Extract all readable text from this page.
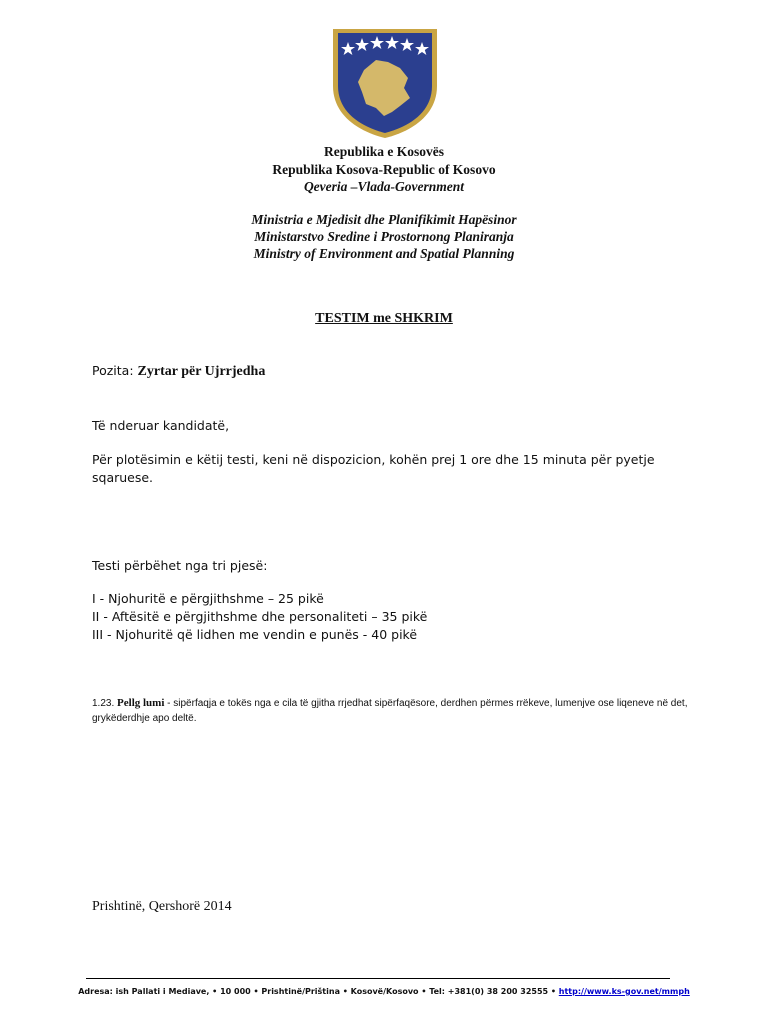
Republika e Kosovës
Republika Kosova-Republic of Kosovo
Qeveria –Vlada-Government
Ministria e Mjedisit dhe Planifikimit Hapësinor
Ministarstvo Sredine i Prostornong Planiranja
Ministry of Environment and Spatial Planning
TESTIM me SHKRIM
Pozita: Zyrtar për Ujrrjedha
Të nderuar kandidatë,
Për plotësimin e këtij testi, keni në dispozicion, kohën prej 1 ore dhe 15 minuta për pyetje sqaruese.
Testi përbëhet nga tri pjesë:
I - Njohuritë e përgjithshme – 25 pikë
II - Aftësitë e përgjithshme dhe personaliteti – 35 pikë
III - Njohuritë që lidhen me vendin e punës - 40 pikë
1.23. Pellg lumi - sipërfaqja e tokës nga e cila të gjitha rrjedhat sipërfaqësore, derdhen përmes rrëkeve, lumenjve ose liqeneve në det, grykëderdhje apo deltë.
Prishtinë, Qershorë 2014
Adresa: ish Pallati i Mediave, • 10 000 • Prishtinë/Priština • Kosovë/Kosovo • Tel: +381(0) 38 200 32555 • http://www.ks-gov.net/mmph
